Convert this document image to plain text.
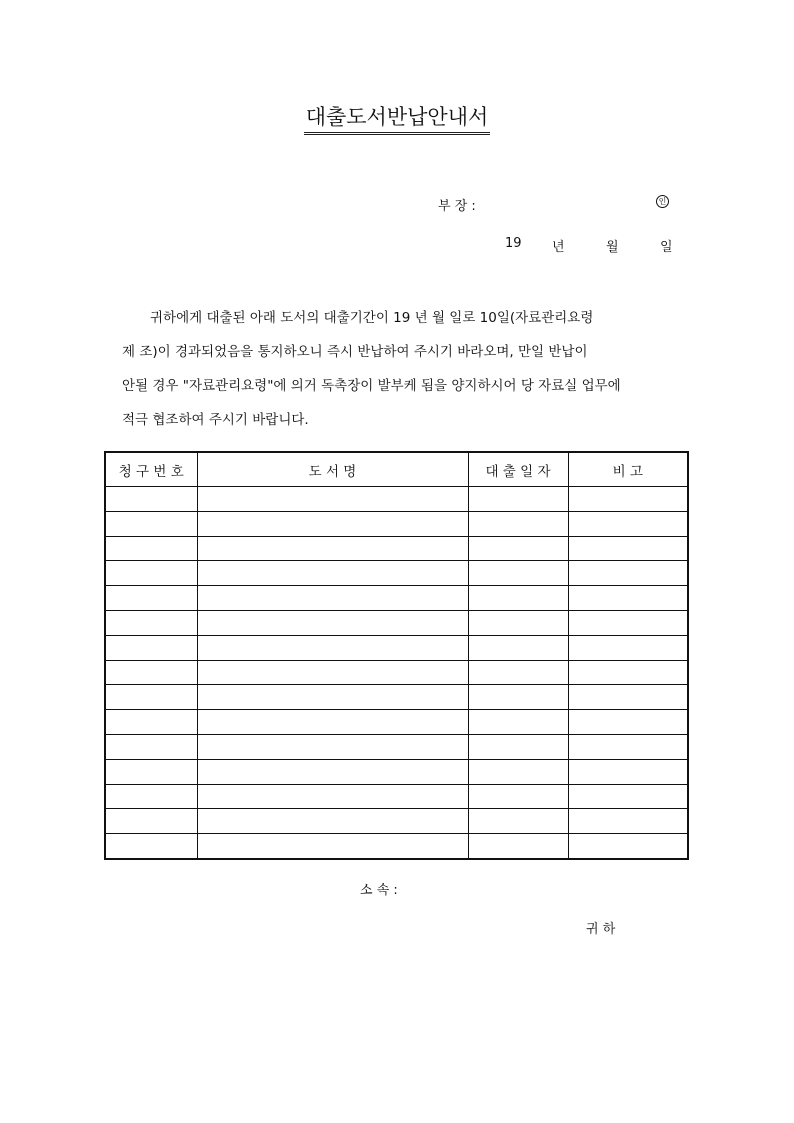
대출도서반납안내서
부 장 :	인
19 년	월	일
귀하에게 대출된 아래 도서의 대출기간이 19 년 월 일로 10일(자료관리요령
제 조)이 경과되었음을 통지하오니 즉시 반납하여 주시기 바라오며, 만일 반납이
안될 경우 "자료관리요령"에 의거 독촉장이 발부케 됨을 양지하시어 당 자료실 업무에
적극 협조하여 주시기 바랍니다.
청 구 번 호	도 서 명	대 출 일 자	비 고

소 속 :
귀 하
